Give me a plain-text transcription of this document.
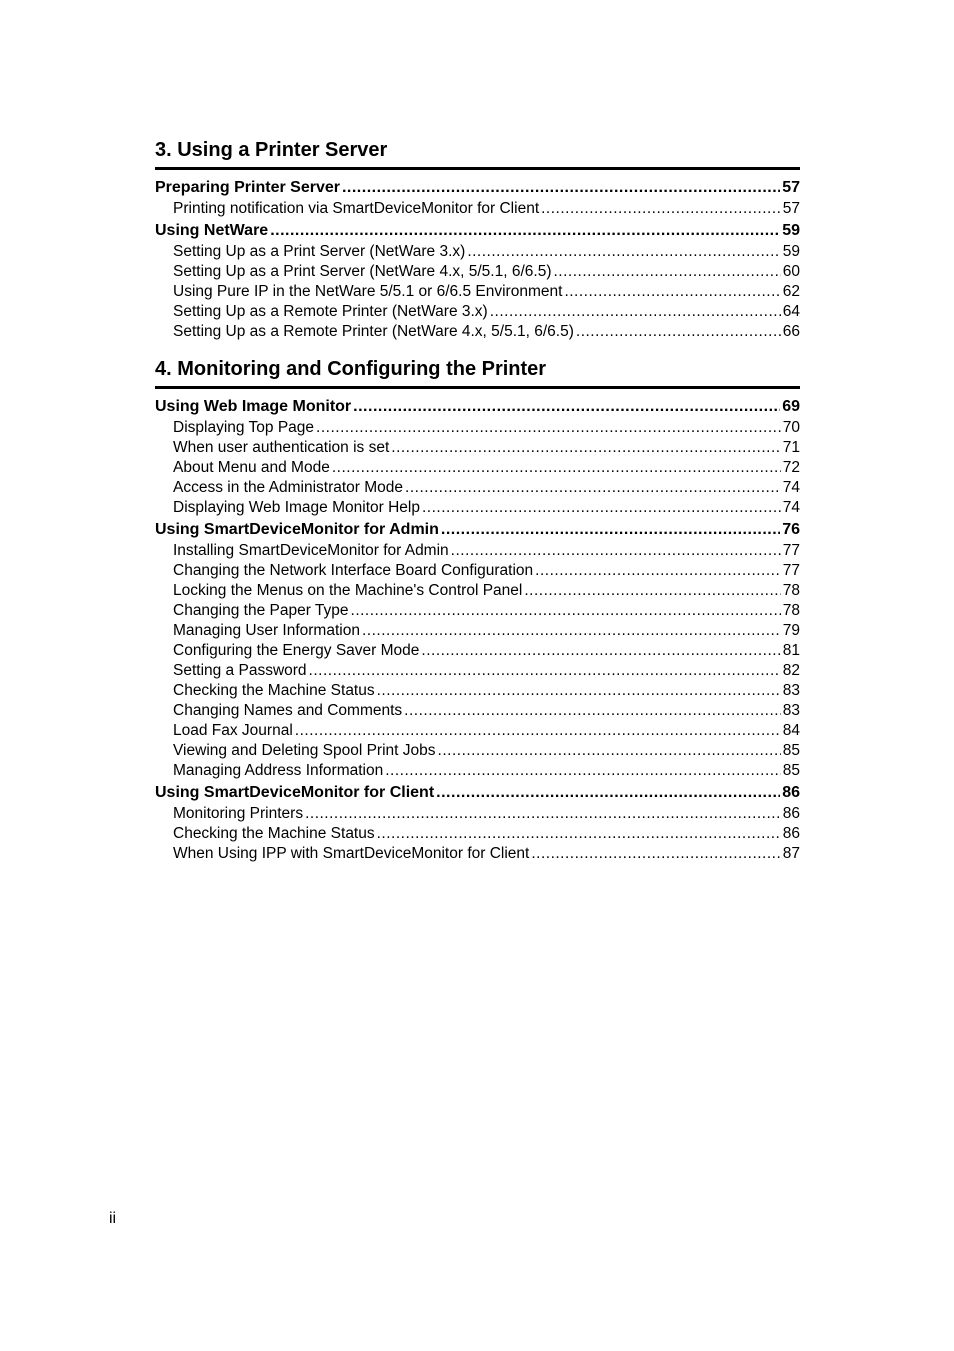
3. Using a Printer Server
Preparing Printer Server .....	57
Printing notification via SmartDeviceMonitor for Client .....	57
Using NetWare .....	59
Setting Up as a Print Server (NetWare 3.x) .....	59
Setting Up as a Print Server (NetWare 4.x, 5/5.1, 6/6.5) .....	60
Using Pure IP in the NetWare 5/5.1 or 6/6.5 Environment .....	62
Setting Up as a Remote Printer (NetWare 3.x) .....	64
Setting Up as a Remote Printer (NetWare 4.x, 5/5.1, 6/6.5) .....	66
4. Monitoring and Configuring the Printer
Using Web Image Monitor .....	69
Displaying Top Page .....	70
When user authentication is set .....	71
About Menu and Mode .....	72
Access in the Administrator Mode .....	74
Displaying Web Image Monitor Help .....	74
Using SmartDeviceMonitor for Admin .....	76
Installing SmartDeviceMonitor for Admin .....	77
Changing the Network Interface Board Configuration .....	77
Locking the Menus on the Machine's Control Panel .....	78
Changing the Paper Type .....	78
Managing User Information .....	79
Configuring the Energy Saver Mode .....	81
Setting a Password .....	82
Checking the Machine Status .....	83
Changing Names and Comments .....	83
Load Fax Journal .....	84
Viewing and Deleting Spool Print Jobs .....	85
Managing Address Information .....	85
Using SmartDeviceMonitor for Client .....	86
Monitoring Printers .....	86
Checking the Machine Status .....	86
When Using IPP with SmartDeviceMonitor for Client .....	87
ii
